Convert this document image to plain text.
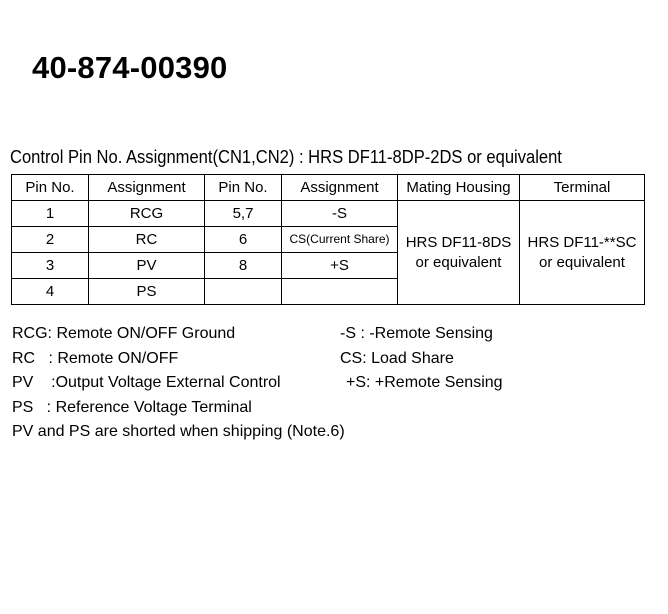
40-874-00390
Control Pin No. Assignment(CN1,CN2) : HRS DF11-8DP-2DS or equivalent
Pin No.	Assignment	Pin No.	Assignment	Mating Housing	Terminal
1	RCG	5,7	-S	HRS DF11-8DS or equivalent	HRS DF11-**SC or equivalent
2	RC	6	CS(Current Share)		
3	PV	8	+S		
4	PS				
RCG: Remote ON/OFF Ground	-S : -Remote Sensing
RC   : Remote ON/OFF	CS: Load Share
PV    :Output Voltage External Control	+S: +Remote Sensing
PS   : Reference Voltage Terminal
PV and PS are shorted when shipping (Note.6)
